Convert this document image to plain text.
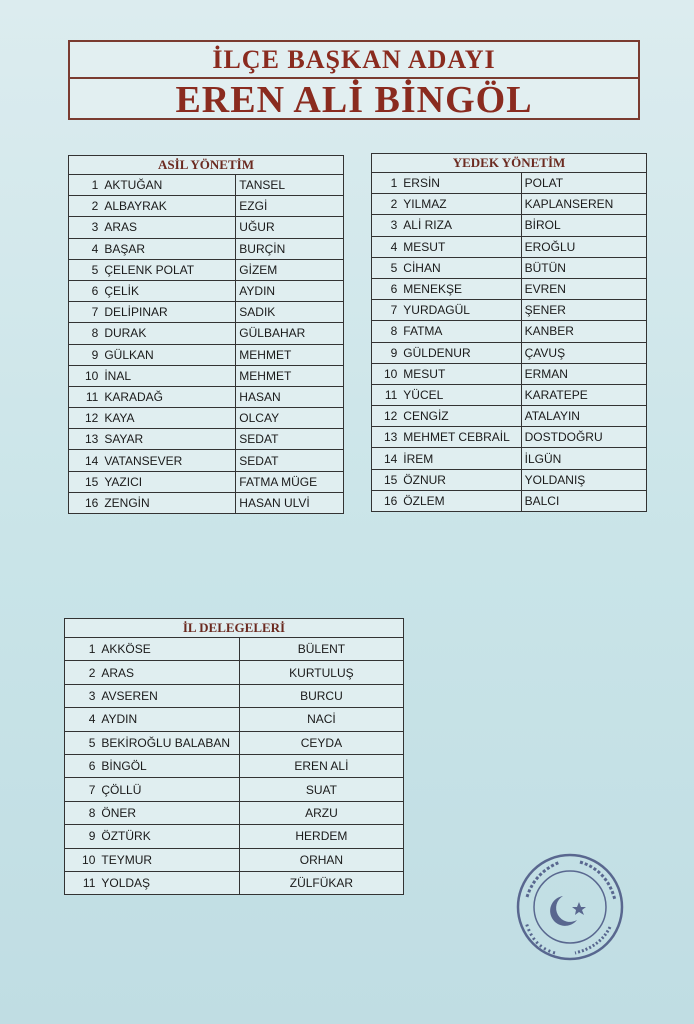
İLÇE BAŞKAN ADAYI
EREN ALİ BİNGÖL
ASİL YÖNETİM		
1	AKTUĞAN	TANSEL
2	ALBAYRAK	EZGİ
3	ARAS	UĞUR
4	BAŞAR	BURÇİN
5	ÇELENK POLAT	GİZEM
6	ÇELİK	AYDIN
7	DELİPINAR	SADIK
8	DURAK	GÜLBAHAR
9	GÜLKAN	MEHMET
10	İNAL	MEHMET
11	KARADAĞ	HASAN
12	KAYA	OLCAY
13	SAYAR	SEDAT
14	VATANSEVER	SEDAT
15	YAZICI	FATMA MÜGE
16	ZENGİN	HASAN ULVİ
YEDEK YÖNETİM		
1	ERSİN	POLAT
2	YILMAZ	KAPLANSEREN
3	ALİ RIZA	BİROL
4	MESUT	EROĞLU
5	CİHAN	BÜTÜN
6	MENEKŞE	EVREN
7	YURDAGÜL	ŞENER
8	FATMA	KANBER
9	GÜLDENUR	ÇAVUŞ
10	MESUT	ERMAN
11	YÜCEL	KARATEPE
12	CENGİZ	ATALAYIN
13	MEHMET CEBRAİL	DOSTDOĞRU
14	İREM	İLGÜN
15	ÖZNUR	YOLDANIŞ
16	ÖZLEM	BALCI
İL DELEGELERİ		
1	AKKÖSE	BÜLENT
2	ARAS	KURTULUŞ
3	AVSEREN	BURCU
4	AYDIN	NACİ
5	BEKİROĞLU BALABAN	CEYDA
6	BİNGÖL	EREN ALİ
7	ÇÖLLÜ	SUAT
8	ÖNER	ARZU
9	ÖZTÜRK	HERDEM
10	TEYMUR	ORHAN
11	YOLDAŞ	ZÜLFÜKAR
